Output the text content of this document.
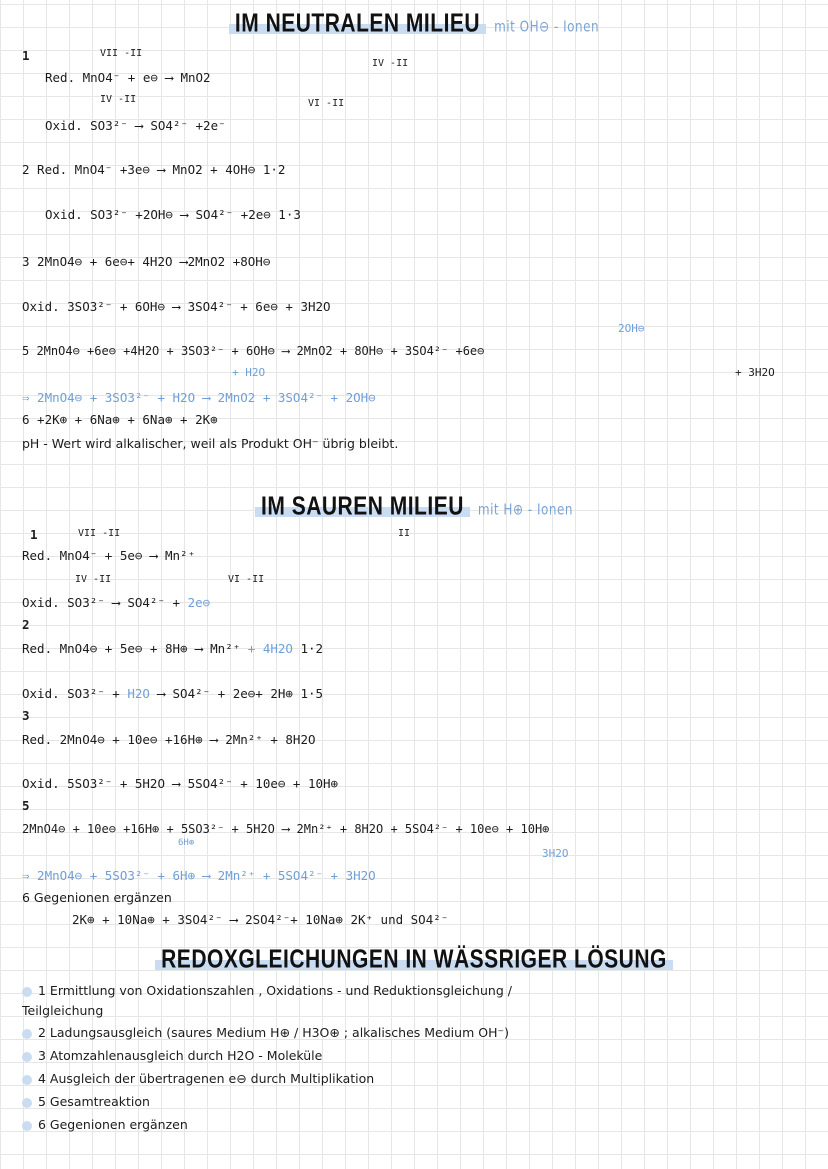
IM NEUTRALEN MILIEU mit OH⊖ - Ionen
1	VII -II
IV -II
Red. MnO4⁻ + e⊖ ⟶ MnO2
IV -II	VI -II
Oxid. SO3²⁻ ⟶ SO4²⁻ +2e⁻
2 Red. MnO4⁻ +3e⊖ ⟶ MnO2 + 4OH⊖ 1·2
Oxid. SO3²⁻ +2OH⊖ ⟶ SO4²⁻ +2e⊖ 1·3
3 2MnO4⊖ + 6e⊖+ 4H2O ⟶2MnO2 +8OH⊖
Oxid. 3SO3²⁻ + 6OH⊖ ⟶ 3SO4²⁻ + 6e⊖ + 3H2O
2OH⊖
5 2MnO4⊖ +6e⊖ +4H2O + 3SO3²⁻ + 6OH⊖ ⟶ 2MnO2 + 8OH⊖ + 3SO4²⁻ +6e⊖
+ H2O	+ 3H2O
⇒ 2MnO4⊖ + 3SO3²⁻ + H2O ⟶ 2MnO2 + 3SO4²⁻ + 2OH⊖
6 +2K⊕ + 6Na⊕ + 6Na⊕ + 2K⊕
pH - Wert wird alkalischer, weil als Produkt OH⁻ übrig bleibt.
IM SAUREN MILIEU mit H⊕ - Ionen
1	VII -II	II
Red. MnO4⁻ + 5e⊖ ⟶ Mn²⁺
IV -II	VI -II
Oxid. SO3²⁻ ⟶ SO4²⁻ + 2e⊖
2
Red. MnO4⊖ + 5e⊖ + 8H⊕ ⟶ Mn²⁺ + 4H2O 1·2
Oxid. SO3²⁻ + H2O ⟶ SO4²⁻ + 2e⊖+ 2H⊕ 1·5
3
Red. 2MnO4⊖ + 10e⊖ +16H⊕ ⟶ 2Mn²⁺ + 8H2O
Oxid. 5SO3²⁻ + 5H2O ⟶ 5SO4²⁻ + 10e⊖ + 10H⊕
5
2MnO4⊖ + 10e⊖ +16H⊕ + 5SO3²⁻ + 5H2O ⟶ 2Mn²⁺ + 8H2O + 5SO4²⁻ + 10e⊖ + 10H⊕
6H⊕
3H2O
⇒ 2MnO4⊖ + 5SO3²⁻ + 6H⊕ ⟶ 2Mn²⁺ + 5SO4²⁻ + 3H2O
6 Gegenionen ergänzen
2K⊕ + 10Na⊕ + 3SO4²⁻ ⟶ 2SO4²⁻+ 10Na⊕ 2K⁺ und SO4²⁻
REDOXGLEICHUNGEN IN WÄSSRIGER LÖSUNG
1 Ermittlung von Oxidationszahlen , Oxidations - und Reduktionsgleichung /
Teilgleichung
2 Ladungsausgleich (saures Medium H⊕ / H3O⊕ ; alkalisches Medium OH⁻)
3 Atomzahlenausgleich durch H2O - Moleküle
4 Ausgleich der übertragenen e⊖ durch Multiplikation
5 Gesamtreaktion
6 Gegenionen ergänzen
